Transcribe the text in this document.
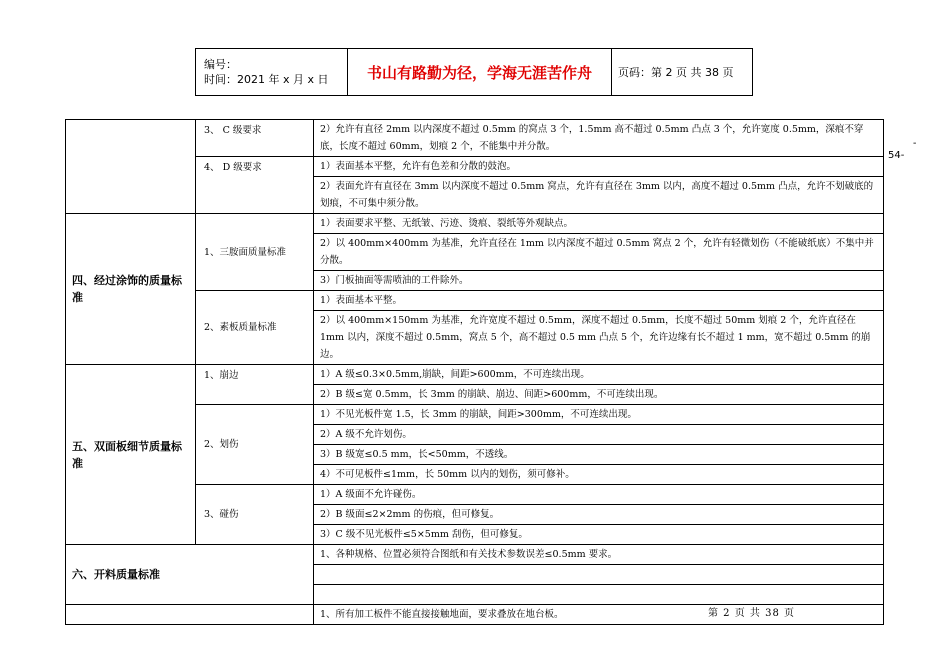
编号：
时间：2021 年 x 月 x 日	书山有路勤为径，学海无涯苦作舟	页码：第 2 页 共 38 页
	3、 C 级要求	2）允许有直径 2mm 以内深度不超过 0.5mm 的窝点 3 个，1.5mm 高不超过 0.5mm 凸点 3 个，允许宽度 0.5mm，深痕不穿底，长度不超过 60mm，划痕 2 个，不能集中并分散。
	4、 D 级要求	1）表面基本平整，允许有色差和分散的鼓泡。
		2）表面允许有直径在 3mm 以内深度不超过 0.5mm 窝点，允许有直径在 3mm 以内，高度不超过 0.5mm 凸点，允许不划破底的划痕，不可集中须分散。
四、经过涂饰的质量标准	1、三胺面质量标准	1）表面要求平整、无纸皱、污迹、烫痕、裂纸等外观缺点。
		2）以 400mm×400mm 为基准，允许直径在 1mm 以内深度不超过 0.5mm 窝点 2 个，允许有轻微划伤（不能破纸底）不集中并分散。
		3）门板抽面等需喷油的工件除外。
	2、素板质量标准	1）表面基本平整。
		2）以 400mm×150mm 为基准，允许宽度不超过 0.5mm，深度不超过 0.5mm，长度不超过 50mm 划痕 2 个，允许直径在 1mm 以内，深度不超过 0.5mm，窝点 5 个，高不超过 0.5 mm 凸点 5 个，允许边缘有长不超过 1 mm，宽不超过 0.5mm 的崩边。
五、双面板细节质量标准	1、崩边	1）A 级≤0.3×0.5mm,崩缺，间距>600mm，不可连续出现。
		2）B 级≤宽 0.5mm，长 3mm 的崩缺、崩边、间距>600mm，不可连续出现。
	2、划伤	1）不见光板件宽 1.5，长 3mm 的崩缺，间距>300mm，不可连续出现。
		2）A 级不允许划伤。
		3）B 级宽≤0.5 mm，长<50mm，不透线。
		4）不可见板件≤1mm，长 50mm 以内的划伤，须可修补。
	3、碰伤	1）A 级面不允许碰伤。
		2）B 级面≤2×2mm 的伤痕，但可修复。
		3）C 级不见光板件≤5×5mm 刮伤，但可修复。
六、开料质量标准		1、各种规格、位置必须符合图纸和有关技术参数误差≤0.5mm 要求。

		1、所有加工板件不能直接接触地面，要求叠放在地台板。
-
54-
第 2 页 共 38 页
